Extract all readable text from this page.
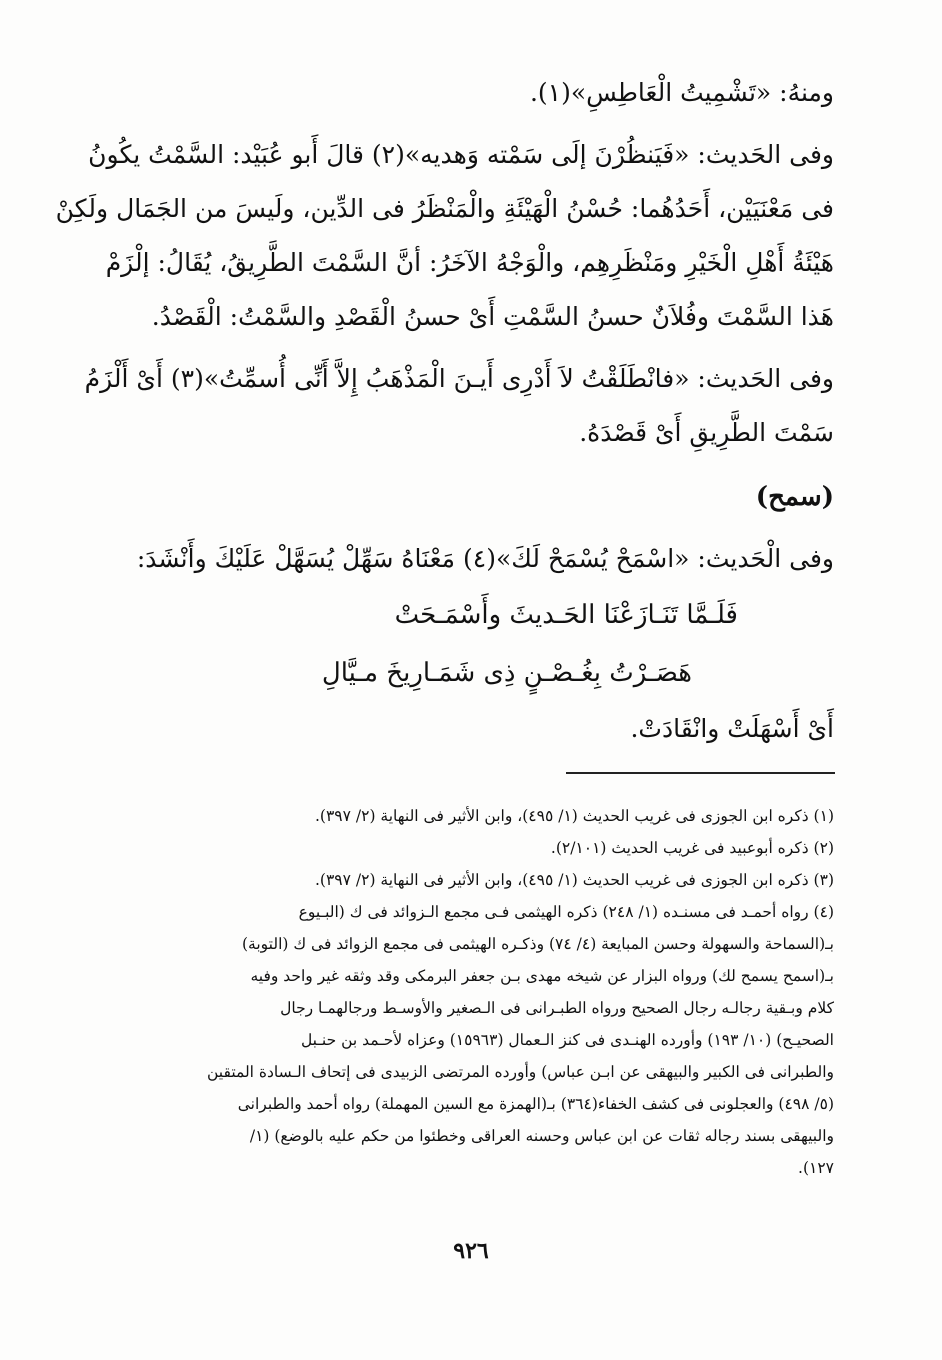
ومنهُ: «تَشْمِيتُ الْعَاطِسِ»(١).
وفى الحَديث: «فَيَنظُرْنَ إلَى سَمْته وَهديه»(٢) قالَ أَبو عُبَيْد: السَّمْتُ يكُونُ
فى مَعْنَيَيْن، أَحَدُهُما: حُسْنُ الْهَيْئَةِ والْمَنْظَرُ فى الدِّين، ولَيسَ من الجَمَال ولَكِنْ
هَيْئَةُ أَهْلِ الْخَيْرِ ومَنْظَرِهِم، والْوَجْهُ الآخَرُ: أنَّ السَّمْتَ الطَّرِيقُ، يُقَالُ: إلْزَمْ
هَذا السَّمْتَ وفُلاَنٌ حسنُ السَّمْتِ أَىْ حسنُ الْقَصْدِ والسَّمْتُ: الْقَصْدُ.
وفى الحَديث: «فانْطَلَقْتُ لاَ أَدْرِى أَيـنَ الْمَذْهَبُ إِلاَّ أَنِّى أُسمِّتُ»(٣) أَىْ أَلْزَمُ
سَمْتَ الطَّرِيقِ أَىْ قَصْدَهُ.
(سمح)
وفى الْحَديث: «اسْمَحْ يُسْمَحْ لَكَ»(٤) مَعْنَاهُ سَهِّلْ يُسَهَّلْ عَلَيْكَ وأَنْشَدَ:
فَلَـمَّا تَنَـازَعْنَا الحَـديثَ وأَسْمَـحَتْ
هَصَـرْتُ بِغُـصْـنٍ ذِى شَمَـارِيخَ مـيَّالِ
أَىْ أَسْهَلَتْ وانْقَادَتْ.
(١) ذكره ابن الجوزى فى غريب الحديث (١/ ٤٩٥)، وابن الأثير فى النهاية (٢/ ٣٩٧).
(٢) ذكره أبوعبيد فى غريب الحديث (٢/١٠١).
(٣) ذكره ابن الجوزى فى غريب الحديث (١/ ٤٩٥)، وابن الأثير فى النهاية (٢/ ٣٩٧).
(٤) رواه أحمـد فى مسنـده (١/ ٢٤٨) ذكره الهيثمى فـى مجمع الـزوائد فى ك (البـيوع
بـ(السماحة والسهولة وحسن المبايعة (٤/ ٧٤) وذكـره الهيثمى فى مجمع الزوائد فى ك (التوبة)
بـ(اسمح يسمح لك) ورواه البزار عن شيخه مهدى بـن جعفر البرمكى وقد وثقه غير واحد وفيه
كلام وبـقية رجالـه رجال الصحيح ورواه الطبـرانى فى الـصغير والأوسـط ورجالهمـا رجال
الصحيـح) (١٠/ ١٩٣) وأورده الهنـدى فى كنز الـعمال (١٥٩٦٣) وعزاه لأحـمد بن حنـبل
والطبرانى فى الكبير والبيهقى عن ابـن عباس) وأورده المرتضى الزبيدى فى إتحاف الـسادة المتقين
(٥/ ٤٩٨) والعجلونى فى كشف الخفاء(٣٦٤) بـ(الهمزة مع السين المهملة) رواه أحمد والطبرانى
والبيهقى بسند رجاله ثقات عن ابن عباس وحسنه العراقى وخطئوا من حكم عليه بالوضع) (١/
١٢٧).
٩٢٦
